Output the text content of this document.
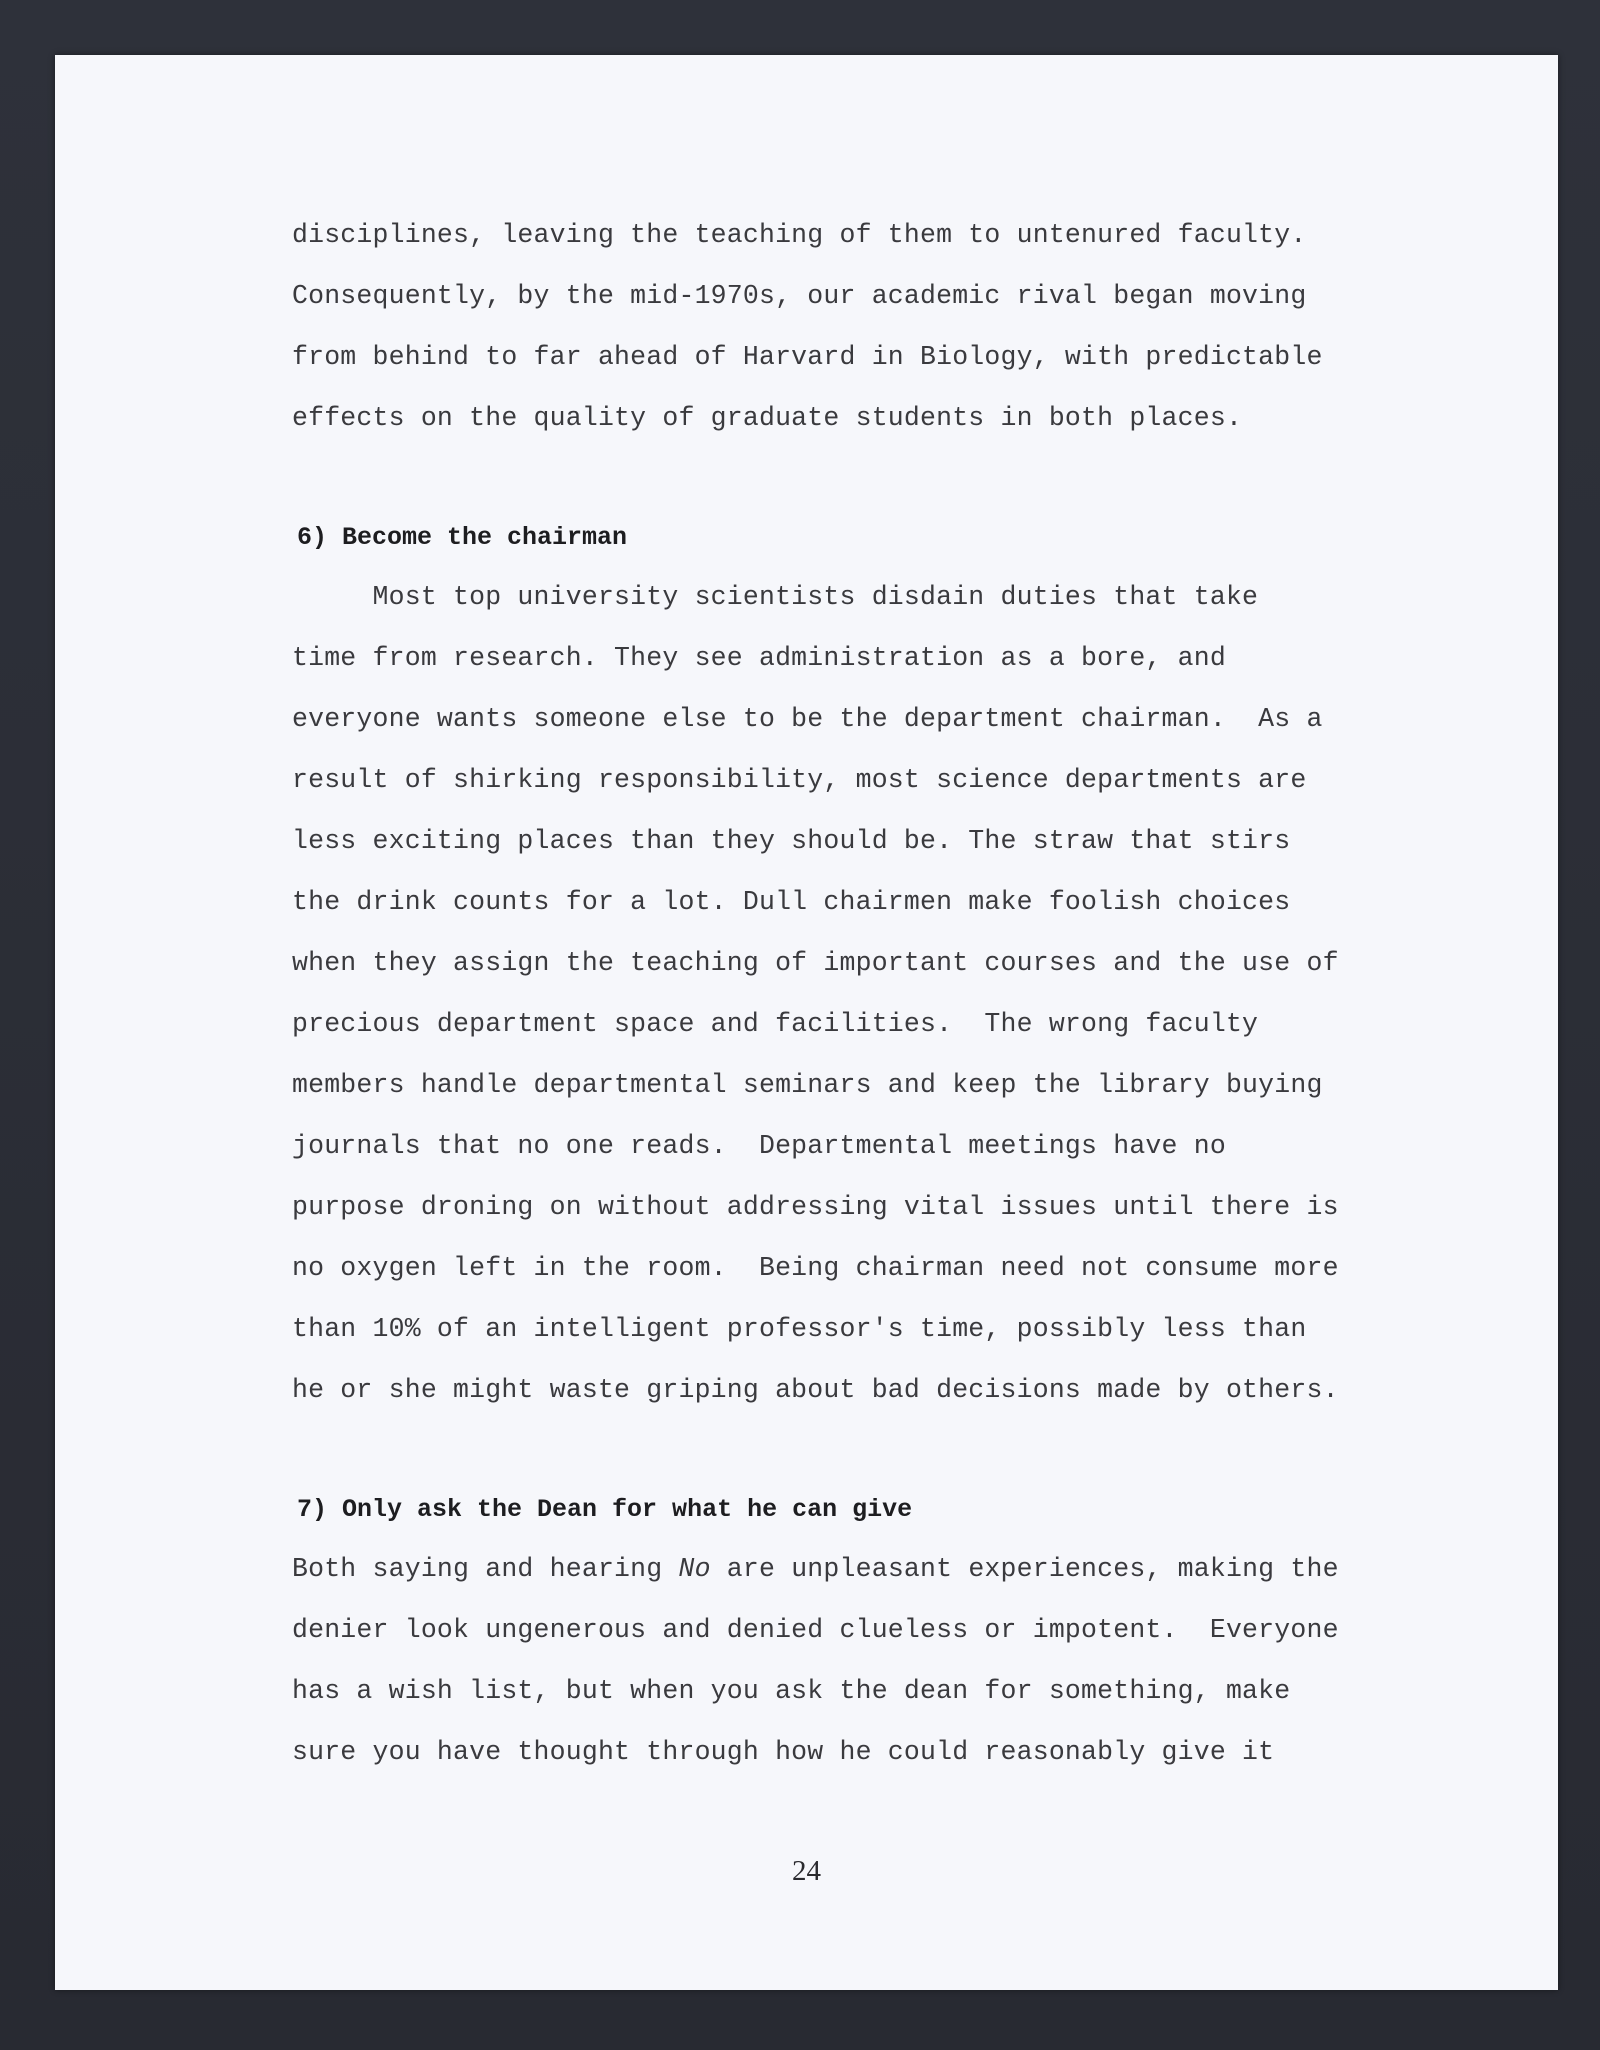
disciplines, leaving the teaching of them to untenured faculty.
Consequently, by the mid-1970s, our academic rival began moving
from behind to far ahead of Harvard in Biology, with predictable
effects on the quality of graduate students in both places.
6) Become the chairman
Most top university scientists disdain duties that take
time from research. They see administration as a bore, and
everyone wants someone else to be the department chairman.  As a
result of shirking responsibility, most science departments are
less exciting places than they should be. The straw that stirs
the drink counts for a lot. Dull chairmen make foolish choices
when they assign the teaching of important courses and the use of
precious department space and facilities.  The wrong faculty
members handle departmental seminars and keep the library buying
journals that no one reads.  Departmental meetings have no
purpose droning on without addressing vital issues until there is
no oxygen left in the room.  Being chairman need not consume more
than 10% of an intelligent professor's time, possibly less than
he or she might waste griping about bad decisions made by others.
7) Only ask the Dean for what he can give
Both saying and hearing No are unpleasant experiences, making the
denier look ungenerous and denied clueless or impotent.  Everyone
has a wish list, but when you ask the dean for something, make
sure you have thought through how he could reasonably give it
24
